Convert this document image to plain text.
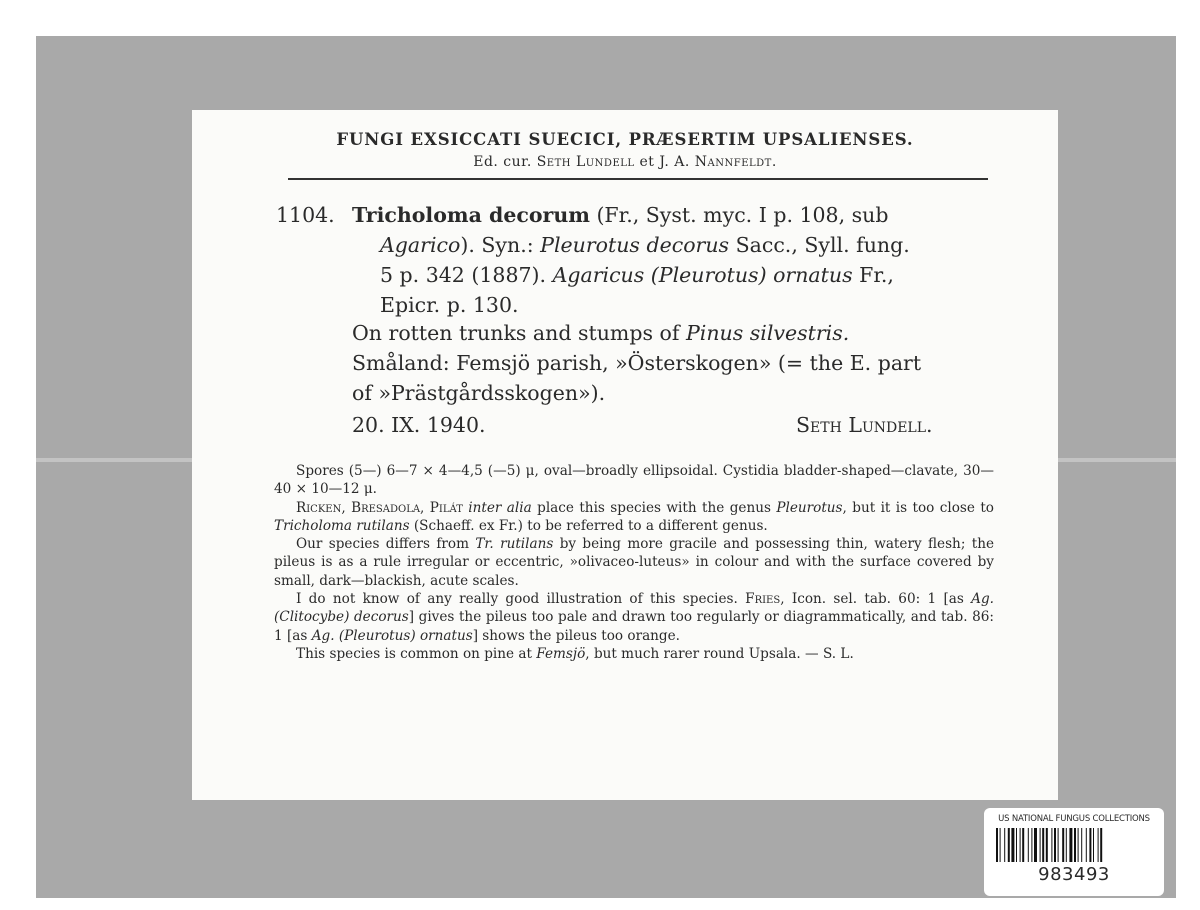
FUNGI EXSICCATI SUECICI, PRÆSERTIM UPSALIENSES.
Ed. cur. Seth Lundell et J. A. Nannfeldt.
1104. Tricholoma decorum (Fr., Syst. myc. I p. 108, sub
Agarico). Syn.: Pleurotus decorus Sacc., Syll. fung.
5 p. 342 (1887). Agaricus (Pleurotus) ornatus Fr.,
Epicr. p. 130.
On rotten trunks and stumps of Pinus silvestris.
Småland: Femsjö parish, »Österskogen» (= the E. part
of »Prästgårdsskogen»).
20. IX. 1940.	Seth Lundell.

Spores (5—) 6—7 × 4—4,5 (—5) μ, oval—broadly ellipsoidal. Cystidia bladder-shaped—clavate, 30—40 × 10—12 μ.

Ricken, Bresadola, Pilát inter alia place this species with the genus Pleurotus, but it is too close to Tricholoma rutilans (Schaeff. ex Fr.) to be referred to a different genus.

Our species differs from Tr. rutilans by being more gracile and possessing thin, watery flesh; the pileus is as a rule irregular or eccentric, »olivaceo-luteus» in colour and with the surface covered by small, dark—blackish, acute scales.

I do not know of any really good illustration of this species. Fries, Icon. sel. tab. 60: 1 [as Ag. (Clitocybe) decorus] gives the pileus too pale and drawn too regularly or diagrammatically, and tab. 86: 1 [as Ag. (Pleurotus) ornatus] shows the pileus too orange.

This species is common on pine at Femsjö, but much rarer round Upsala. — S. L.

US NATIONAL FUNGUS COLLECTIONS
983493
